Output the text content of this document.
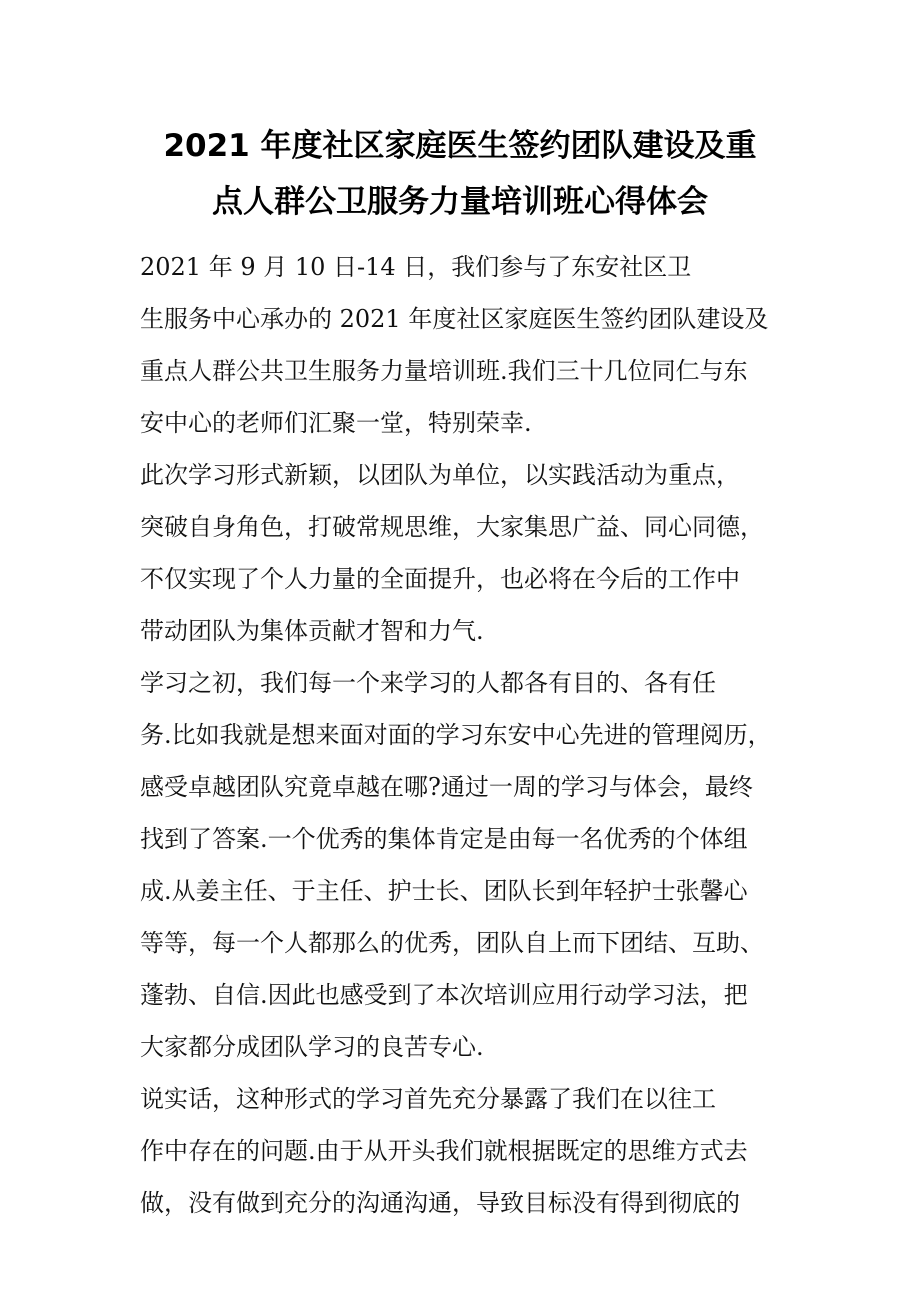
2021 年度社区家庭医生签约团队建设及重
点人群公卫服务力量培训班心得体会

2021 年 9 月 10 日-14 日，我们参与了东安社区卫

生服务中心承办的 2021 年度社区家庭医生签约团队建设及

重点人群公共卫生服务力量培训班.我们三十几位同仁与东

安中心的老师们汇聚一堂，特别荣幸.

此次学习形式新颖，以团队为单位，以实践活动为重点，

突破自身角色，打破常规思维，大家集思广益、同心同德，

不仅实现了个人力量的全面提升，也必将在今后的工作中

带动团队为集体贡献才智和力气.

学习之初，我们每一个来学习的人都各有目的、各有任

务.比如我就是想来面对面的学习东安中心先进的管理阅历，

感受卓越团队究竟卓越在哪?通过一周的学习与体会，最终

找到了答案.一个优秀的集体肯定是由每一名优秀的个体组

成.从姜主任、于主任、护士长、团队长到年轻护士张馨心

等等，每一个人都那么的优秀，团队自上而下团结、互助、

蓬勃、自信.因此也感受到了本次培训应用行动学习法，把

大家都分成团队学习的良苦专心.

说实话，这种形式的学习首先充分暴露了我们在以往工

作中存在的问题.由于从开头我们就根据既定的思维方式去

做，没有做到充分的沟通沟通，导致目标没有得到彻底的
